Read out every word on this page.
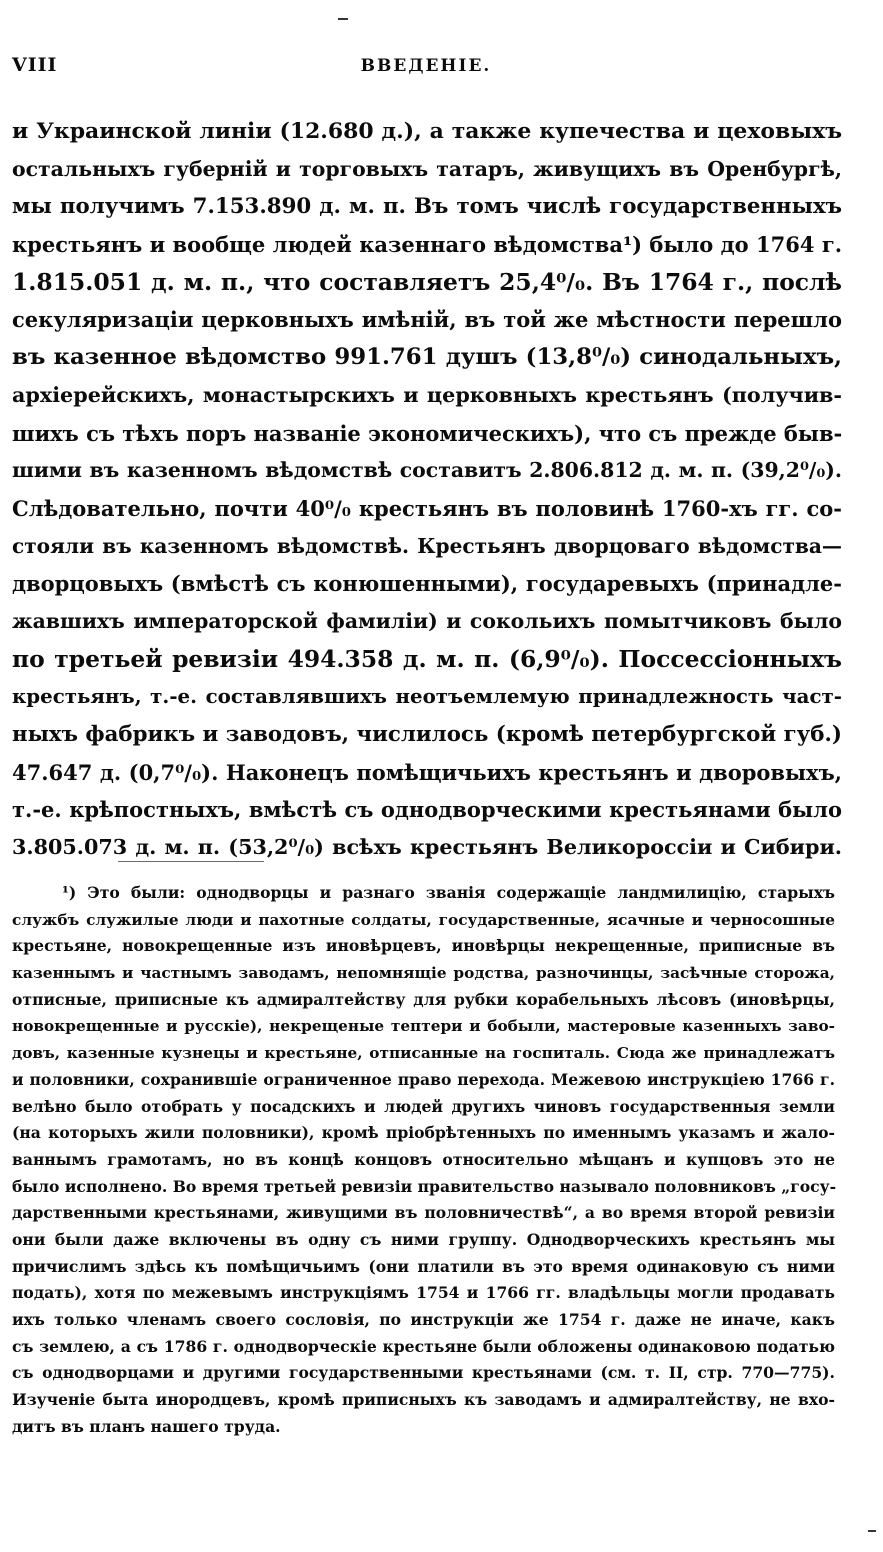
VIII	ВВЕДЕНІЕ.
и Украинской линіи (12.680 д.), а также купечества и цеховыхъ
остальныхъ губерній и торговыхъ татаръ, живущихъ въ Оренбургѣ,
мы получимъ 7.153.890 д. м. п. Въ томъ числѣ государственныхъ
крестьянъ и вообще людей казеннаго вѣдомства¹) было до 1764 г.
1.815.051 д. м. п., что составляетъ 25,4⁰/₀. Въ 1764 г., послѣ
секуляризаціи церковныхъ имѣній, въ той же мѣстности перешло
въ казенное вѣдомство 991.761 душъ (13,8⁰/₀) синодальныхъ,
архіерейскихъ, монастырскихъ и церковныхъ крестьянъ (получив-
шихъ съ тѣхъ поръ названіе экономическихъ), что съ прежде быв-
шими въ казенномъ вѣдомствѣ составитъ 2.806.812 д. м. п. (39,2⁰/₀).
Слѣдовательно, почти 40⁰/₀ крестьянъ въ половинѣ 1760-хъ гг. со-
стояли въ казенномъ вѣдомствѣ. Крестьянъ дворцоваго вѣдомства—
дворцовыхъ (вмѣстѣ съ конюшенными), государевыхъ (принадле-
жавшихъ императорской фамиліи) и сокольихъ помытчиковъ было
по третьей ревизіи 494.358 д. м. п. (6,9⁰/₀). Поссессіонныхъ
крестьянъ, т.-е. составлявшихъ неотъемлемую принадлежность част-
ныхъ фабрикъ и заводовъ, числилось (кромѣ петербургской губ.)
47.647 д. (0,7⁰/₀). Наконецъ помѣщичьихъ крестьянъ и дворовыхъ,
т.-е. крѣпостныхъ, вмѣстѣ съ однодворческими крестьянами было
3.805.073 д. м. п. (53,2⁰/₀) всѣхъ крестьянъ Великороссіи и Сибири.
¹) Это были: однодворцы и разнаго званія содержащіе ландмилицію, старыхъ
службъ служилые люди и пахотные солдаты, государственные, ясачные и черносошные
крестьяне, новокрещенные изъ иновѣрцевъ, иновѣрцы некрещенные, приписные въ
казеннымъ и частнымъ заводамъ, непомнящіе родства, разночинцы, засѣчные сторожа,
отписные, приписные къ адмиралтейству для рубки корабельныхъ лѣсовъ (иновѣрцы,
новокрещенные и русскіе), некрещеные тептери и бобыли, мастеровые казенныхъ заво-
довъ, казенные кузнецы и крестьяне, отписанные на госпиталь. Сюда же принадлежатъ
и половники, сохранившіе ограниченное право перехода. Межевою инструкціею 1766 г.
велѣно было отобрать у посадскихъ и людей другихъ чиновъ государственныя земли
(на которыхъ жили половники), кромѣ пріобрѣтенныхъ по именнымъ указамъ и жало-
ваннымъ грамотамъ, но въ концѣ концовъ относительно мѣщанъ и купцовъ это не
было исполнено. Во время третьей ревизіи правительство называло половниковъ „госу-
дарственными крестьянами, живущими въ половничествѣ“, а во время второй ревизіи
они были даже включены въ одну съ ними группу. Однодворческихъ крестьянъ мы
причислимъ здѣсь къ помѣщичьимъ (они платили въ это время одинаковую съ ними
подать), хотя по межевымъ инструкціямъ 1754 и 1766 гг. владѣльцы могли продавать
ихъ только членамъ своего сословія, по инструкціи же 1754 г. даже не иначе, какъ
съ землею, а съ 1786 г. однодворческіе крестьяне были обложены одинаковою податью
съ однодворцами и другими государственными крестьянами (см. т. II, стр. 770—775).
Изученіе быта инородцевъ, кромѣ приписныхъ къ заводамъ и адмиралтейству, не вхо-
дитъ въ планъ нашего труда.
